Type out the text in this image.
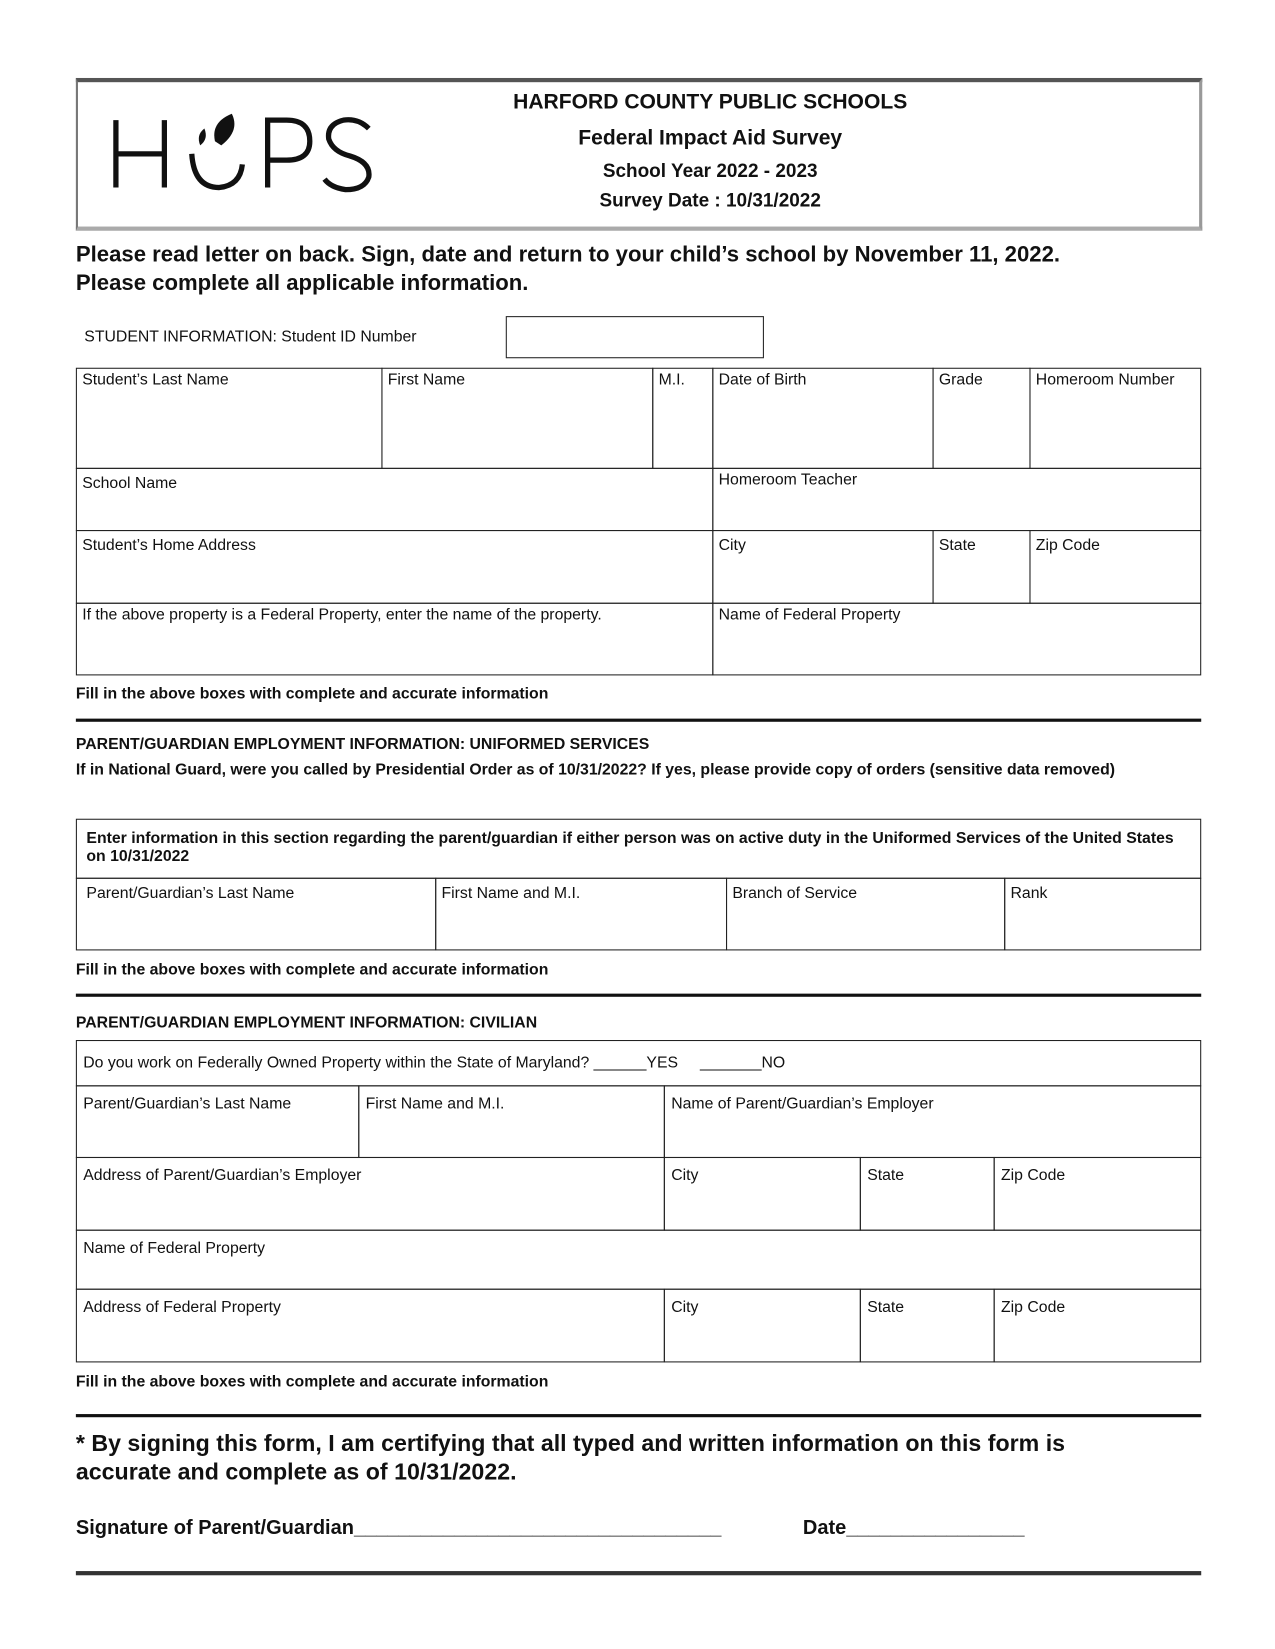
HARFORD COUNTY PUBLIC SCHOOLS
Federal Impact Aid Survey
School Year 2022 - 2023
Survey Date : 10/31/2022
Please read letter on back. Sign, date and return to your child’s school by November 11, 2022.
Please complete all applicable information.
STUDENT INFORMATION: Student ID Number
Student’s Last Name	First Name	M.I.	Date of Birth	Grade	Homeroom Number
School Name	Homeroom Teacher
Student’s Home Address	City	State	Zip Code
If the above property is a Federal Property, enter the name of the property.	Name of Federal Property
Fill in the above boxes with complete and accurate information
PARENT/GUARDIAN EMPLOYMENT INFORMATION: UNIFORMED SERVICES
If in National Guard, were you called by Presidential Order as of 10/31/2022? If yes, please provide copy of orders (sensitive data removed)
Enter information in this section regarding the parent/guardian if either person was on active duty in the Uniformed Services of the United States on 10/31/2022
Parent/Guardian’s Last Name	First Name and M.I.	Branch of Service	Rank
Fill in the above boxes with complete and accurate information
PARENT/GUARDIAN EMPLOYMENT INFORMATION: CIVILIAN
Do you work on Federally Owned Property within the State of Maryland? ______YES     _______NO
Parent/Guardian’s Last Name	First Name and M.I.	Name of Parent/Guardian’s Employer
Address of Parent/Guardian’s Employer	City	State	Zip Code
Name of Federal Property
Address of Federal Property	City	State	Zip Code
Fill in the above boxes with complete and accurate information
* By signing this form, I am certifying that all typed and written information on this form is
accurate and complete as of 10/31/2022.
Signature of Parent/Guardian_________________________________	Date________________
